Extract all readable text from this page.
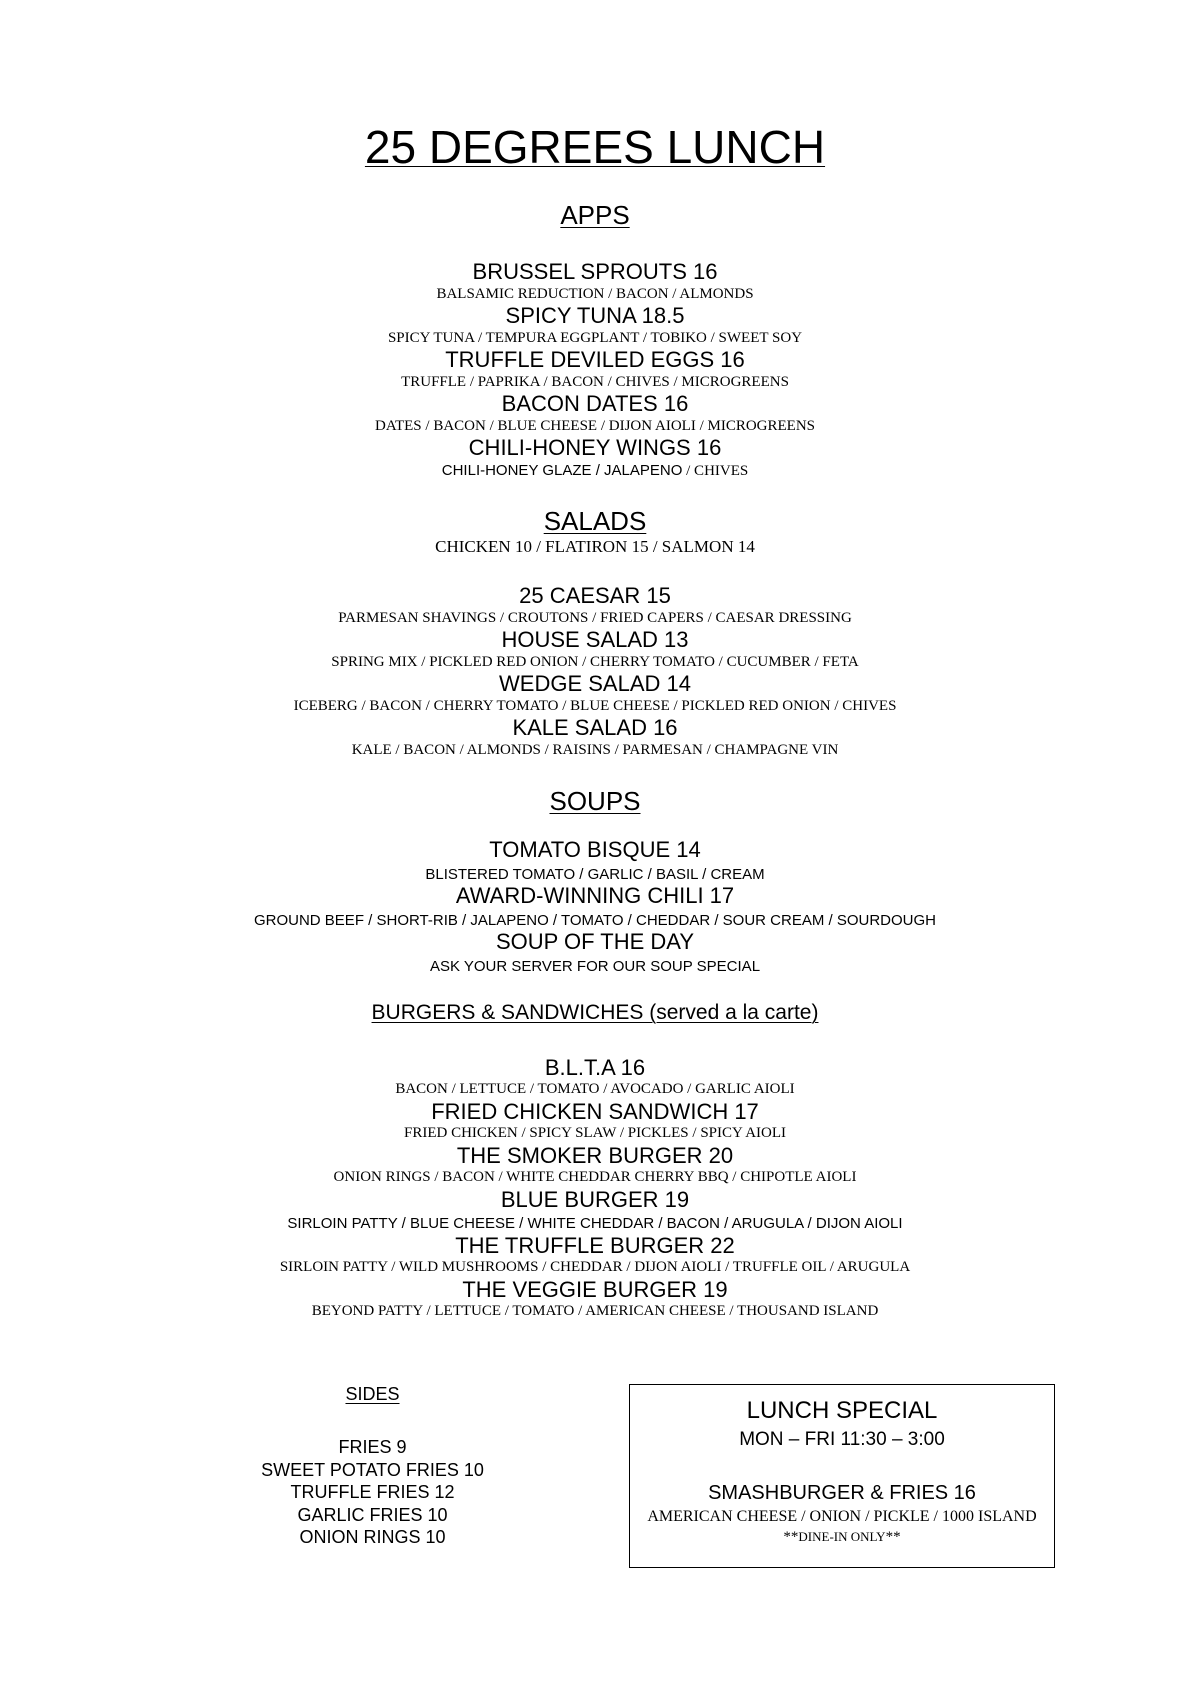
25 DEGREES LUNCH
APPS
BRUSSEL SPROUTS 16
BALSAMIC REDUCTION / BACON / ALMONDS
SPICY TUNA 18.5
SPICY TUNA / TEMPURA EGGPLANT / TOBIKO / SWEET SOY
TRUFFLE DEVILED EGGS 16
TRUFFLE / PAPRIKA / BACON / CHIVES / MICROGREENS
BACON DATES 16
DATES / BACON / BLUE CHEESE / DIJON AIOLI / MICROGREENS
CHILI-HONEY WINGS 16
CHILI-HONEY GLAZE / JALAPENO / CHIVES
SALADS
CHICKEN 10 / FLATIRON 15 / SALMON 14
25 CAESAR 15
PARMESAN SHAVINGS / CROUTONS / FRIED CAPERS / CAESAR DRESSING
HOUSE SALAD 13
SPRING MIX / PICKLED RED ONION / CHERRY TOMATO / CUCUMBER / FETA
WEDGE SALAD 14
ICEBERG / BACON / CHERRY TOMATO / BLUE CHEESE / PICKLED RED ONION / CHIVES
KALE SALAD 16
KALE / BACON / ALMONDS / RAISINS / PARMESAN / CHAMPAGNE VIN
SOUPS
TOMATO BISQUE 14
BLISTERED TOMATO / GARLIC / BASIL / CREAM
AWARD-WINNING CHILI 17
GROUND BEEF / SHORT-RIB / JALAPENO / TOMATO / CHEDDAR / SOUR CREAM / SOURDOUGH
SOUP OF THE DAY
ASK YOUR SERVER FOR OUR SOUP SPECIAL
BURGERS & SANDWICHES (served a la carte)
B.L.T.A 16
BACON / LETTUCE / TOMATO / AVOCADO / GARLIC AIOLI
FRIED CHICKEN SANDWICH 17
FRIED CHICKEN / SPICY SLAW / PICKLES / SPICY AIOLI
THE SMOKER BURGER 20
ONION RINGS / BACON / WHITE CHEDDAR CHERRY BBQ / CHIPOTLE AIOLI
BLUE BURGER 19
SIRLOIN PATTY / BLUE CHEESE / WHITE CHEDDAR / BACON / ARUGULA / DIJON AIOLI
THE TRUFFLE BURGER 22
SIRLOIN PATTY / WILD MUSHROOMS / CHEDDAR / DIJON AIOLI / TRUFFLE OIL / ARUGULA
THE VEGGIE BURGER 19
BEYOND PATTY / LETTUCE / TOMATO / AMERICAN CHEESE / THOUSAND ISLAND
SIDES
FRIES 9
SWEET POTATO FRIES 10
TRUFFLE FRIES 12
GARLIC FRIES 10
ONION RINGS 10
LUNCH SPECIAL
MON – FRI 11:30 – 3:00
SMASHBURGER & FRIES 16
AMERICAN CHEESE / ONION / PICKLE / 1000 ISLAND
**DINE-IN ONLY**
